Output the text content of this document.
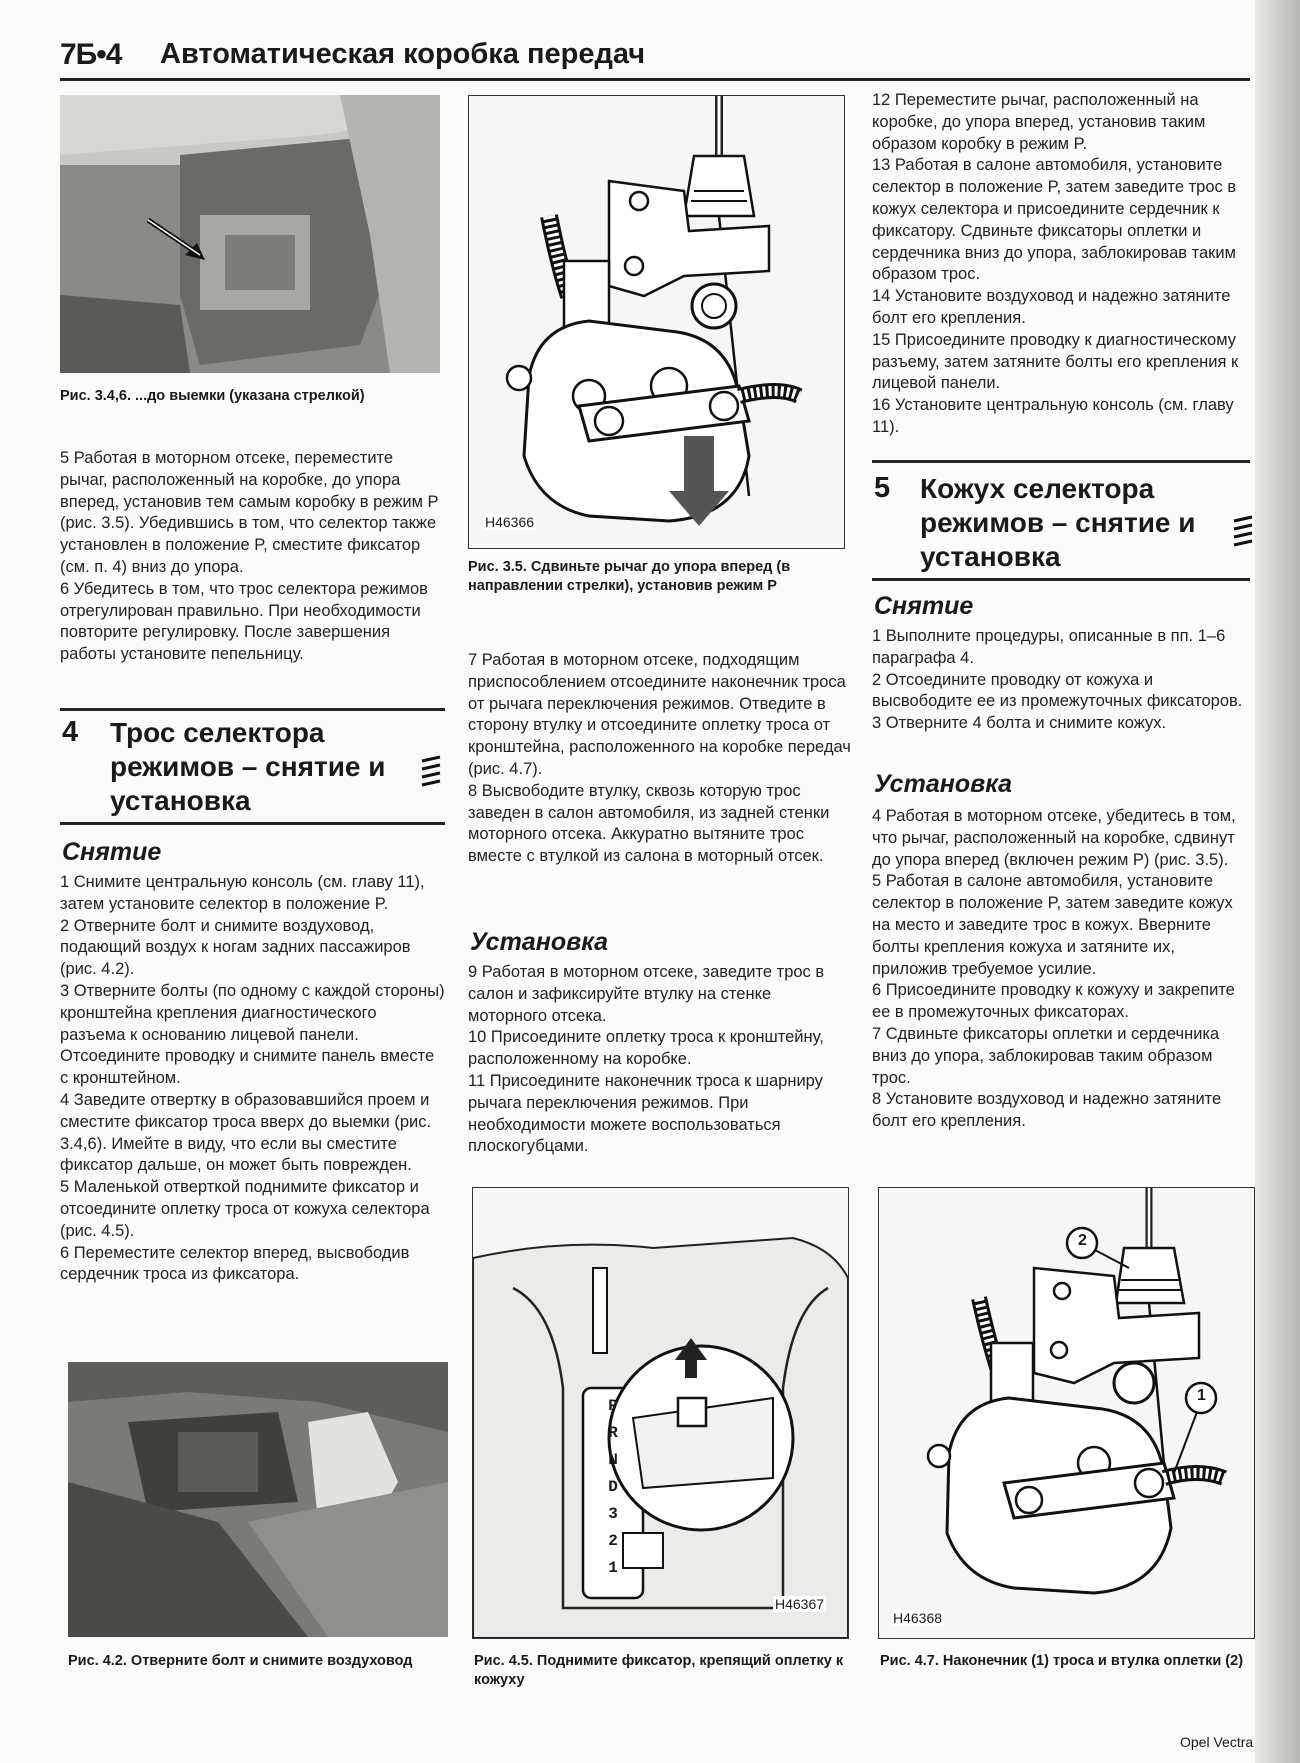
7Б•4 Автоматическая коробка передач
Рис. 3.4,6. ...до выемки (указана стрелкой)

5 Работая в моторном отсеке, переместите рычаг, расположенный на коробке, до упора вперед, установив тем самым коробку в режим P (рис. 3.5). Убедившись в том, что селектор также установлен в положение P, сместите фиксатор (см. п. 4) вниз до упора.

6 Убедитесь в том, что трос селектора режимов отрегулирован правильно. При необходимости повторите регулировку. После завершения работы установите пепельницу.

4 Трос селектора режимов – снятие и установка
Снятие

1 Снимите центральную консоль (см. главу 11), затем установите селектор в положение P.

2 Отверните болт и снимите воздуховод, подающий воздух к ногам задних пассажиров (рис. 4.2).

3 Отверните болты (по одному с каждой стороны) кронштейна крепления диагностического разъема к основанию лицевой панели. Отсоедините проводку и снимите панель вместе с кронштейном.

4 Заведите отвертку в образовавшийся проем и сместите фиксатор троса вверх до выемки (рис. 3.4,6). Имейте в виду, что если вы сместите фиксатор дальше, он может быть поврежден.

5 Маленькой отверткой поднимите фиксатор и отсоедините оплетку троса от кожуха селектора (рис. 4.5).

6 Переместите селектор вперед, высвободив сердечник троса из фиксатора.

Рис. 4.2. Отверните болт и снимите воздуховод
H46366
Рис. 3.5. Сдвиньте рычаг до упора вперед (в направлении стрелки), установив режим P

7 Работая в моторном отсеке, подходящим приспособлением отсоедините наконечник троса от рычага переключения режимов. Отведите в сторону втулку и отсоедините оплетку троса от кронштейна, расположенного на коробке передач (рис. 4.7).

8 Высвободите втулку, сквозь которую трос заведен в салон автомобиля, из задней стенки моторного отсека. Аккуратно вытяните трос вместе с втулкой из салона в моторный отсек.

Установка

9 Работая в моторном отсеке, заведите трос в салон и зафиксируйте втулку на стенке моторного отсека.

10 Присоедините оплетку троса к кронштейну, расположенному на коробке.

11 Присоедините наконечник троса к шарниру рычага переключения режимов. При необходимости можете воспользоваться плоскогубцами.

P
R
N
D
3
2
1
H46367
Рис. 4.5. Поднимите фиксатор, крепящий оплетку к кожуху

12 Переместите рычаг, расположенный на коробке, до упора вперед, установив таким образом коробку в режим P.

13 Работая в салоне автомобиля, установите селектор в положение P, затем заведите трос в кожух селектора и присоедините сердечник к фиксатору. Сдвиньте фиксаторы оплетки и сердечника вниз до упора, заблокировав таким образом трос.

14 Установите воздуховод и надежно затяните болт его крепления.

15 Присоедините проводку к диагностическому разъему, затем затяните болты его крепления к лицевой панели.

16 Установите центральную консоль (см. главу 11).

5 Кожух селектора режимов – снятие и установка
Снятие

1 Выполните процедуры, описанные в пп. 1–6 параграфа 4.

2 Отсоедините проводку от кожуха и высвободите ее из промежуточных фиксаторов.

3 Отверните 4 болта и снимите кожух.

Установка

4 Работая в моторном отсеке, убедитесь в том, что рычаг, расположенный на коробке, сдвинут до упора вперед (включен режим P) (рис. 3.5).

5 Работая в салоне автомобиля, установите селектор в положение P, затем заведите кожух на место и заведите трос в кожух. Вверните болты крепления кожуха и затяните их, приложив требуемое усилие.

6 Присоедините проводку к кожуху и закрепите ее в промежуточных фиксаторах.

7 Сдвиньте фиксаторы оплетки и сердечника вниз до упора, заблокировав таким образом трос.

8 Установите воздуховод и надежно затяните болт его крепления.

2
1
H46368
Рис. 4.7. Наконечник (1) троса и втулка оплетки (2)
Opel Vectra
